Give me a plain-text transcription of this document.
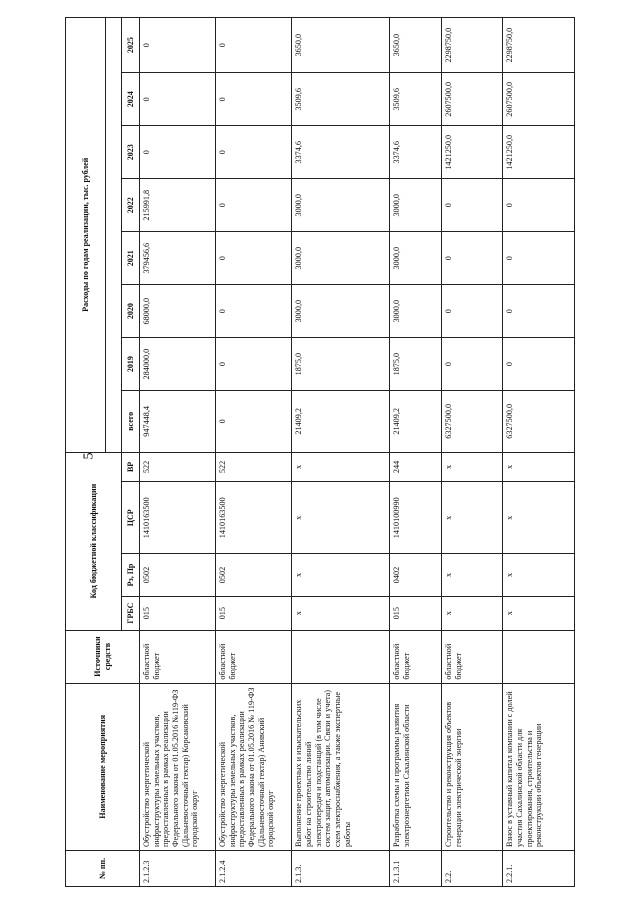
5
№ пп.	Наименование мероприятия	Источники средств	Код бюджетной классификации				Расходы по годам реализации, тыс. рублей							

			ГРБС	Рз, Пр	ЦСР	ВР	всего	2019	2020	2021	2022	2023	2024	2025
2.1.2.3	Обустройство энергетической инфраструктуры земельных участков, предоставленных в рамках реализации Федерального закона от 01.05.2016 №119-ФЗ (Дальневосточный гектар) Корсаковский городской округ	областной бюджет	015	0502	1410163500	522	947448,4	284000,0	68000,0	379456,6	215991,8	0	0	0
2.1.2.4	Обустройство энергетической инфраструктуры земельных участков, предоставленных в рамках реализации Федерального закона от 01.05.2016 № 119-ФЗ (Дальневосточный гектар) Анивский городской округ	областной бюджет	015	0502	1410163500	522	0	0	0	0	0	0	0	0
2.1.3.	Выполнение проектных и изыскательских работ на строительство линий электропередач и подстанций (в том числе систем защит, автоматизации. Связи и учета) схем электроснабжения, а также экспертные работы		х	х	х	х	21409,2	1875,0	3000,0	3000,0	3000,0	3374,6	3509,6	3650,0
2.1.3.1	Разработка схемы и программы развития электроэнергетики Сахалинской области	областной бюджет	015	0402	1410100990	244	21409,2	1875,0	3000,0	3000,0	3000,0	3374,6	3509,6	3650,0
2.2.	Строительство и реконструкция объектов генерации электрической энергии	областной бюджет	х	х	х	х	6327500,0	0	0	0	0	1421250,0	2607500,0	2298750,0
2.2.1.	Взнос в уставный капитал компании с долей участия Сахалинской области для проектирования, строительства и реконструкции объектов генерации		х	х	х	х	6327500,0	0	0	0	0	1421250,0	2607500,0	2298750,0
